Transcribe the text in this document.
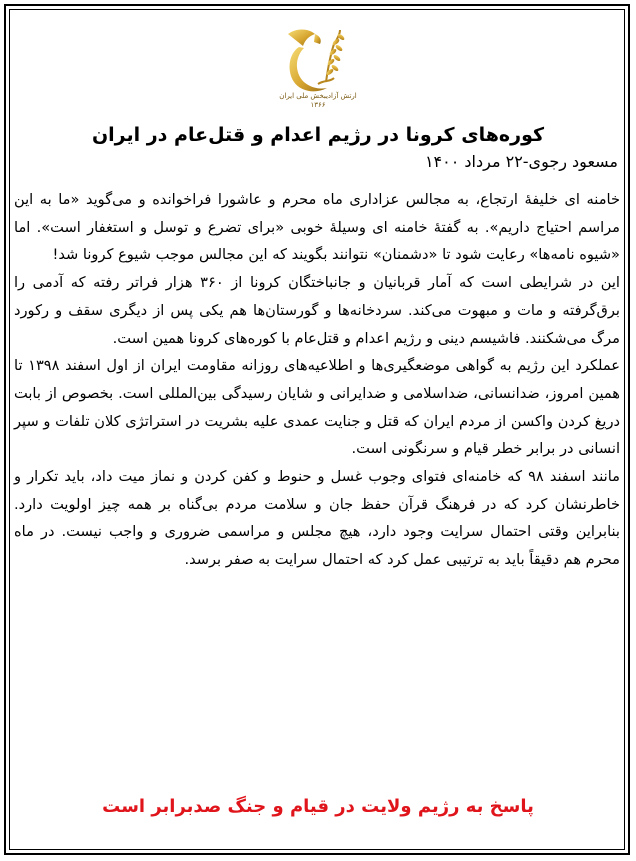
ارتش آزادیبخش ملی ایران
۱۳۶۶
کوره‌های کرونا در رژیم اعدام و قتل‌عام در ایران
مسعود رجوی-۲۲ مرداد ۱۴۰۰

خامنه ای خلیفهٔ ارتجاع، به مجالس عزاداری ماه محرم و عاشورا فراخوانده و می‌گوید «ما به این مراسم احتیاج داریم». به گفتهٔ خامنه ای وسیلهٔ خوبی «برای تضرع و توسل و استغفار است». اما «شیوه نامه‌ها» رعایت شود تا «دشمنان» نتوانند بگویند که این مجالس موجب شیوع کرونا شد!

این در شرایطی است که آمار قربانیان و جانباختگان کرونا از ۳۶۰ هزار فراتر رفته که آدمی را برق‌گرفته و مات و مبهوت می‌کند. سردخانه‌ها و گورستان‌ها هم یکی پس از دیگری سقف و رکورد مرگ می‌شکنند. فاشیسم دینی و رژیم اعدام و قتل‌عام با کوره‌های کرونا همین است.

عملکرد این رژیم به گواهی موضعگیری‌ها و اطلاعیه‌های روزانه مقاومت ایران از اول اسفند ۱۳۹۸ تا همین امروز، ضدانسانی، ضداسلامی و ضدایرانی و شایان رسیدگی بین‌المللی است. بخصوص از بابت دریغ کردن واکسن از مردم ایران که قتل و جنایت عمدی علیه بشریت در استراتژی کلان تلفات و سپر انسانی در برابر خطر قیام و سرنگونی است.

مانند اسفند ۹۸ که خامنه‌ای فتوای وجوب غسل و حنوط و کفن کردن و نماز میت داد، باید تکرار و خاطرنشان کرد که در فرهنگ قرآن حفظ جان و سلامت مردم بی‌گناه بر همه چیز اولویت دارد. بنابراین وقتی احتمال سرایت وجود دارد، هیچ مجلس و مراسمی ضروری و واجب نیست. در ماه محرم هم دقیقاً باید به ترتیبی عمل کرد که احتمال سرایت به صفر برسد.

پاسخ به رژیم ولایت در قیام و جنگ صدبرابر است
